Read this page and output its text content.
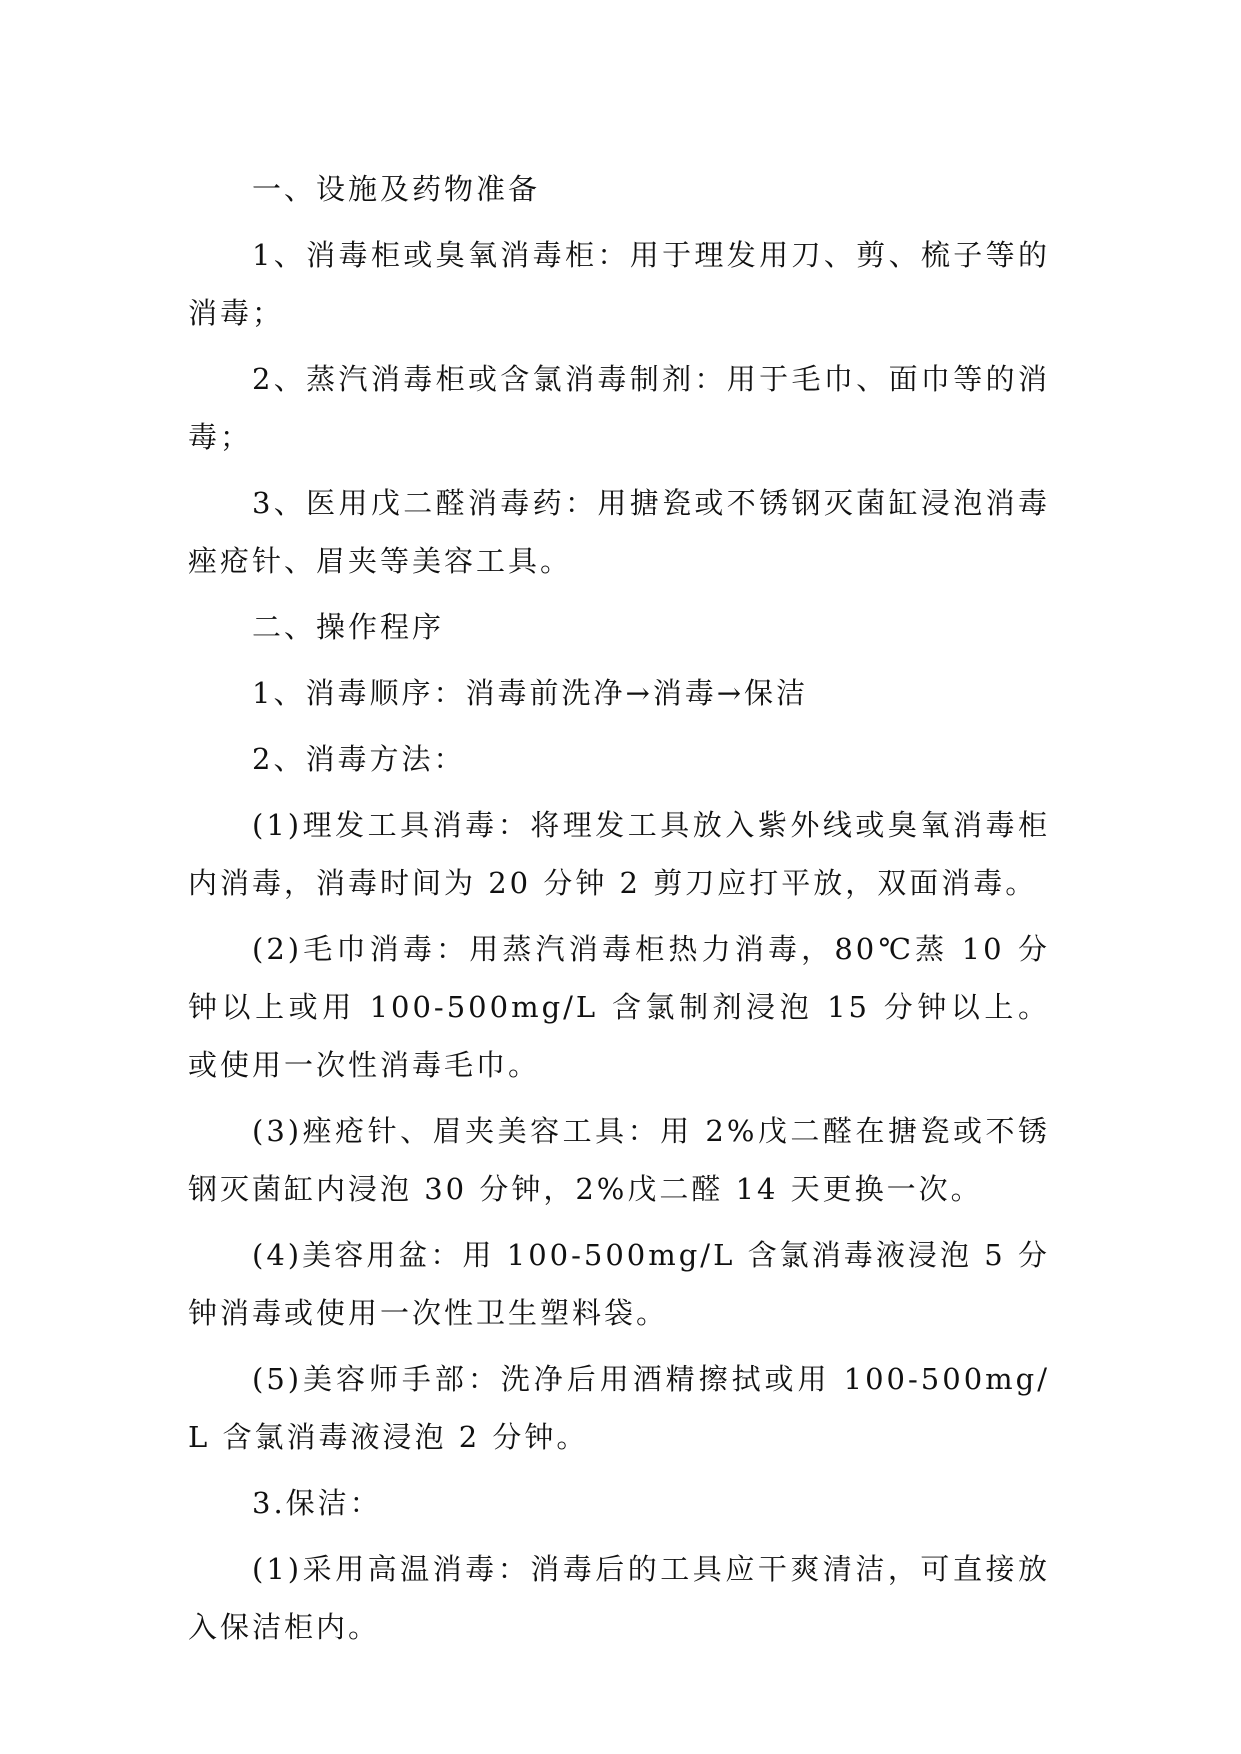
一、设施及药物准备

1、消毒柜或臭氧消毒柜：用于理发用刀、剪、梳子等的消毒；

2、蒸汽消毒柜或含氯消毒制剂：用于毛巾、面巾等的消毒；

3、医用戊二醛消毒药：用搪瓷或不锈钢灭菌缸浸泡消毒痤疮针、眉夹等美容工具。

二、操作程序

1、消毒顺序：消毒前洗净→消毒→保洁

2、消毒方法：

(1)理发工具消毒：将理发工具放入紫外线或臭氧消毒柜内消毒，消毒时间为 20 分钟 2 剪刀应打平放，双面消毒。

(2)毛巾消毒：用蒸汽消毒柜热力消毒，80℃蒸 10 分钟以上或用 100-500mg/L 含氯制剂浸泡 15 分钟以上。或使用一次性消毒毛巾。

(3)痤疮针、眉夹美容工具：用 2%戊二醛在搪瓷或不锈钢灭菌缸内浸泡 30 分钟，2%戊二醛 14 天更换一次。

(4)美容用盆：用 100-500mg/L 含氯消毒液浸泡 5 分钟消毒或使用一次性卫生塑料袋。

(5)美容师手部：洗净后用酒精擦拭或用 100-500mg/L 含氯消毒液浸泡 2 分钟。

3.保洁：

(1)采用高温消毒：消毒后的工具应干爽清洁，可直接放入保洁柜内。
